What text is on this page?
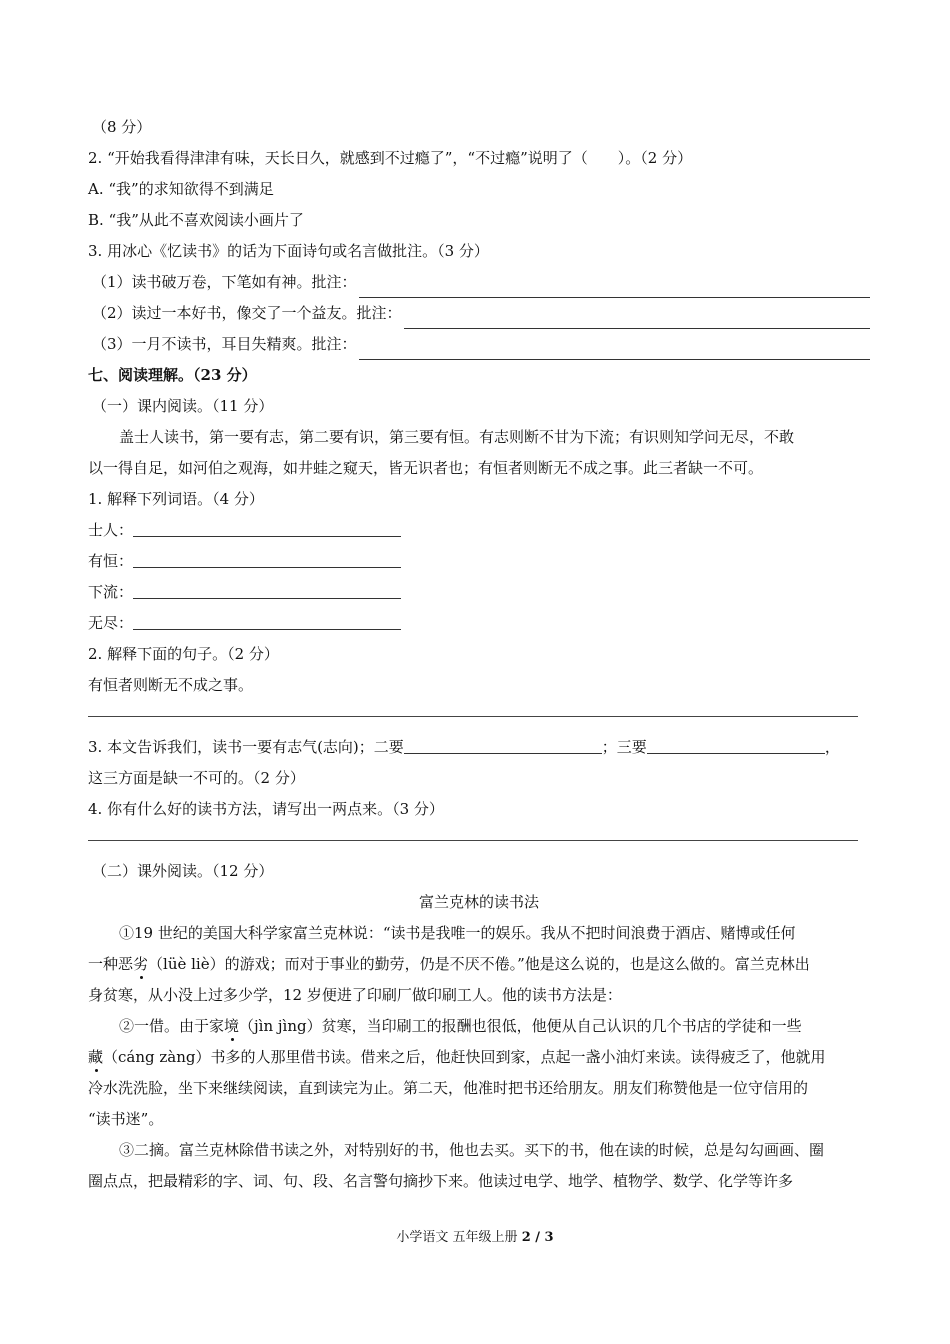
（8 分）
2. “开始我看得津津有味，天长日久，就感到不过瘾了”，“不过瘾”说明了（　　）。（2 分）
A. “我”的求知欲得不到满足
B. “我”从此不喜欢阅读小画片了
3. 用冰心《忆读书》的话为下面诗句或名言做批注。（3 分）
（1）读书破万卷，下笔如有神。批注：
（2）读过一本好书，像交了一个益友。批注：
（3）一月不读书，耳目失精爽。批注：
七、阅读理解。（23 分）
（一）课内阅读。（11 分）
盖士人读书，第一要有志，第二要有识，第三要有恒。有志则断不甘为下流；有识则知学问无尽，不敢
以一得自足，如河伯之观海，如井蛙之窥天，皆无识者也；有恒者则断无不成之事。此三者缺一不可。
1. 解释下列词语。（4 分）
士人：
有恒：
下流：
无尽：
2. 解释下面的句子。（2 分）
有恒者则断无不成之事。
3. 本文告诉我们，读书一要有志气(志向)；二要	；三要	，
这三方面是缺一不可的。（2 分）
4. 你有什么好的读书方法，请写出一两点来。（3 分）
（二）课外阅读。（12 分）
富兰克林的读书法
①19 世纪的美国大科学家富兰克林说：“读书是我唯一的娱乐。我从不把时间浪费于酒店、赌博或任何
一种恶劣（lüè liè）的游戏；而对于事业的勤劳，仍是不厌不倦。”他是这么说的，也是这么做的。富兰克林出
身贫寒，从小没上过多少学，12 岁便进了印刷厂做印刷工人。他的读书方法是：
②一借。由于家境（jìn jìng）贫寒，当印刷工的报酬也很低，他便从自己认识的几个书店的学徒和一些
藏（cáng zàng）书多的人那里借书读。借来之后，他赶快回到家，点起一盏小油灯来读。读得疲乏了，他就用
冷水洗洗脸，坐下来继续阅读，直到读完为止。第二天，他准时把书还给朋友。朋友们称赞他是一位守信用的
“读书迷”。
③二摘。富兰克林除借书读之外，对特别好的书，他也去买。买下的书，他在读的时候，总是勾勾画画、圈
圈点点，把最精彩的字、词、句、段、名言警句摘抄下来。他读过电学、地学、植物学、数学、化学等许多
小学语文 五年级上册 2 / 3
